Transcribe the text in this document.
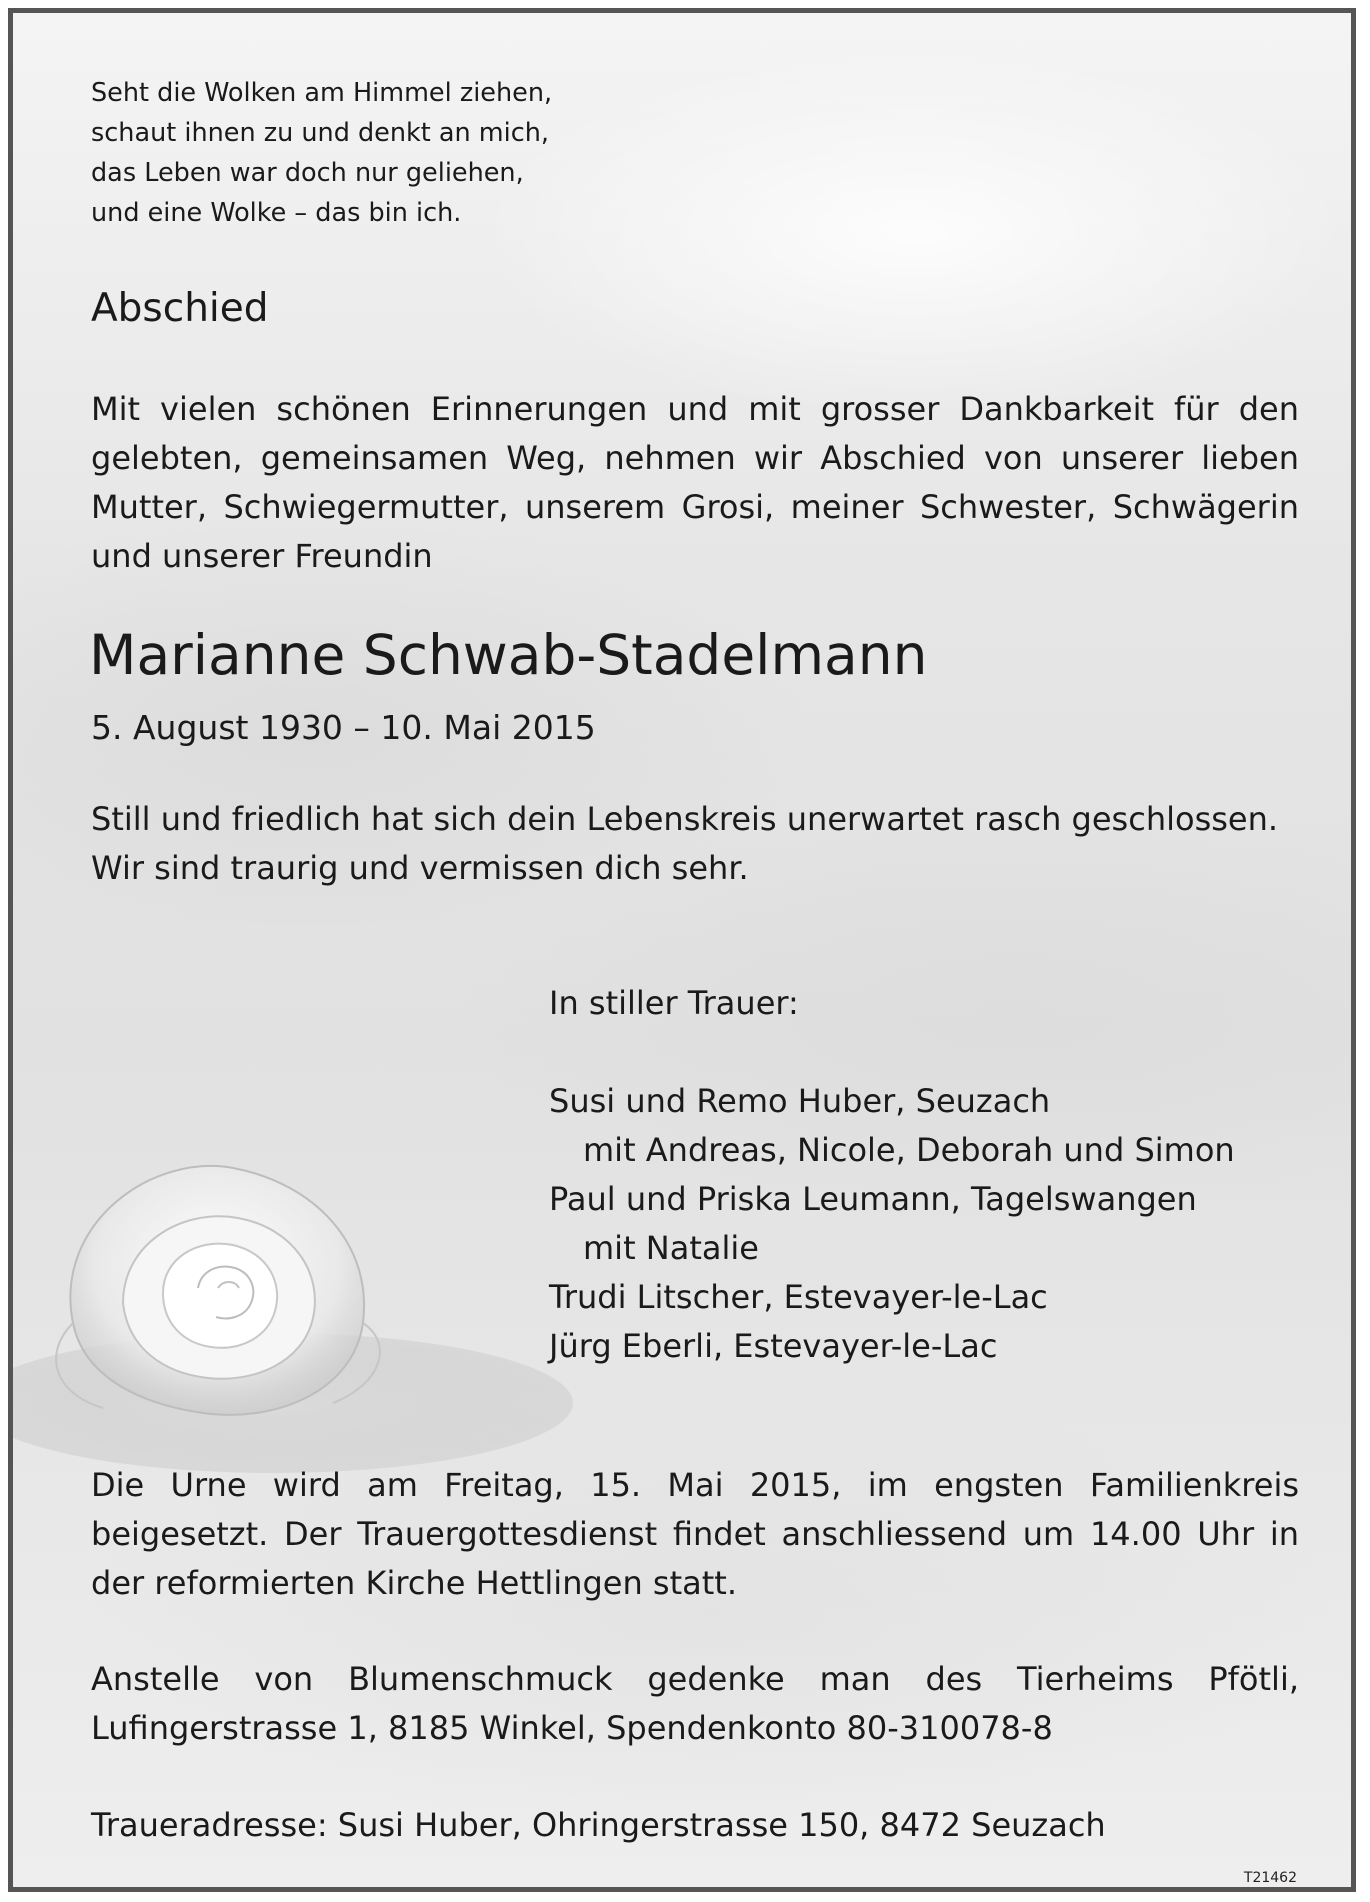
Seht die Wolken am Himmel ziehen,
schaut ihnen zu und denkt an mich,
das Leben war doch nur geliehen,
und eine Wolke – das bin ich.
Abschied
Mit vielen schönen Erinnerungen und mit grosser Dankbarkeit für den gelebten, gemeinsamen Weg, nehmen wir Abschied von unserer lieben Mutter, Schwiegermutter, unserem Grosi, meiner Schwester, Schwägerin und unserer Freundin
Marianne Schwab-Stadelmann
5. August 1930 – 10. Mai 2015
Still und friedlich hat sich dein Lebenskreis unerwartet rasch geschlossen.
Wir sind traurig und vermissen dich sehr.
In stiller Trauer:
Susi und Remo Huber, Seuzach
mit Andreas, Nicole, Deborah und Simon
Paul und Priska Leumann, Tagelswangen
mit Natalie
Trudi Litscher, Estevayer-le-Lac
Jürg Eberli, Estevayer-le-Lac
Die Urne wird am Freitag, 15. Mai 2015, im engsten Familienkreis beigesetzt. Der Trauergottesdienst findet anschliessend um 14.00 Uhr in der reformierten Kirche Hettlingen statt.
Anstelle von Blumenschmuck gedenke man des Tierheims Pfötli, Lufingerstrasse 1, 8185 Winkel, Spendenkonto 80-310078-8
Traueradresse: Susi Huber, Ohringerstrasse 150, 8472 Seuzach
T21462
